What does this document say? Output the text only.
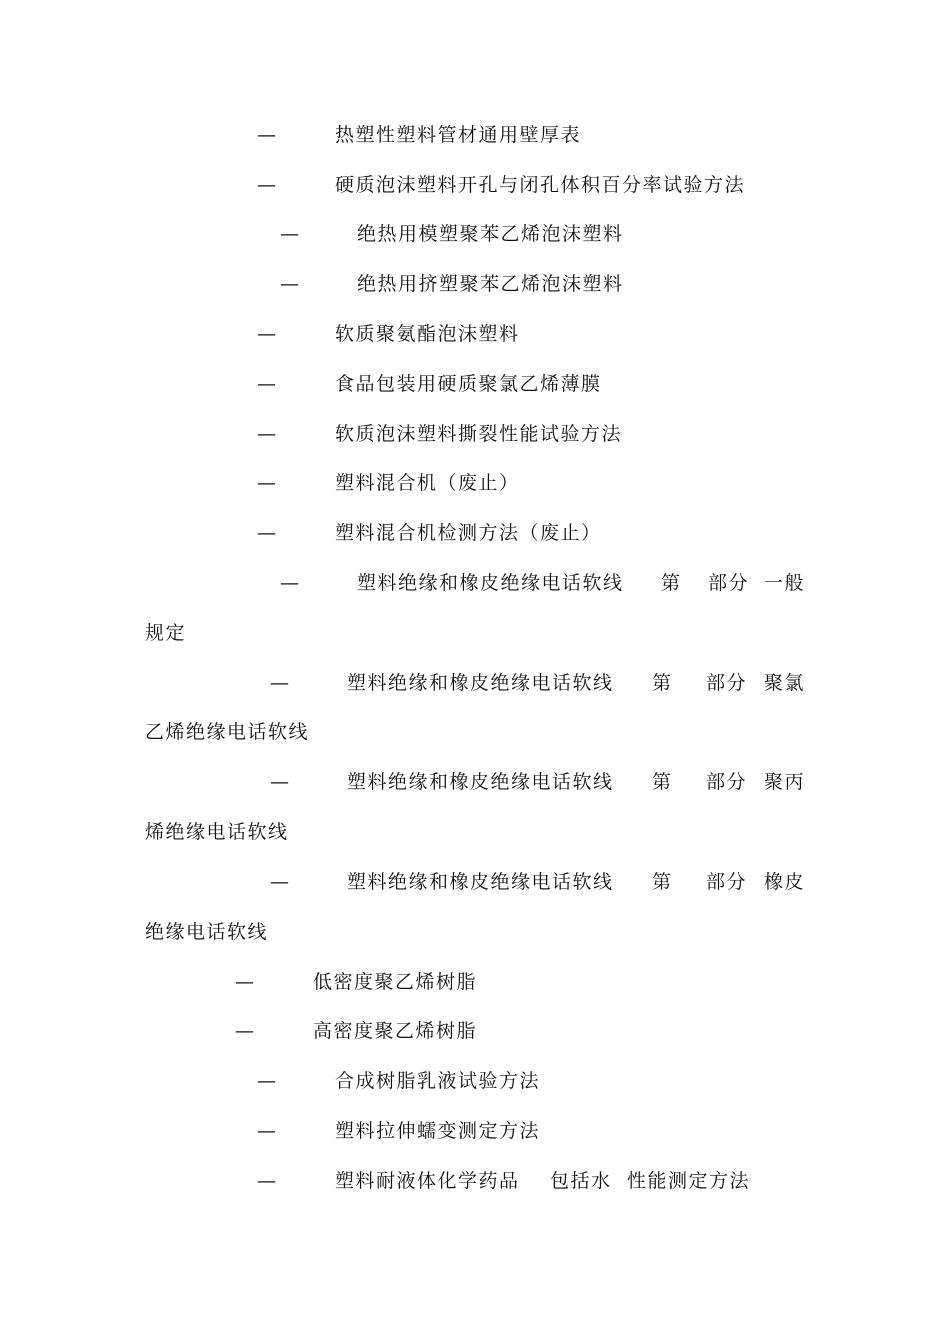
—	热塑性塑料管材通用壁厚表
—	硬质泡沫塑料开孔与闭孔体积百分率试验方法
—	绝热用模塑聚苯乙烯泡沫塑料
—	绝热用挤塑聚苯乙烯泡沫塑料
—	软质聚氨酯泡沫塑料
—	食品包装用硬质聚氯乙烯薄膜
—	软质泡沫塑料撕裂性能试验方法
—	塑料混合机（废止）
—	塑料混合机检测方法（废止）
—	塑料绝缘和橡皮绝缘电话软线 第 部分 一般
规定
—	塑料绝缘和橡皮绝缘电话软线 第 部分 聚氯
乙烯绝缘电话软线
—	塑料绝缘和橡皮绝缘电话软线 第 部分 聚丙
烯绝缘电话软线
—	塑料绝缘和橡皮绝缘电话软线 第 部分 橡皮
绝缘电话软线
—	低密度聚乙烯树脂
—	高密度聚乙烯树脂
—	合成树脂乳液试验方法
—	塑料拉伸蠕变测定方法
—	塑料耐液体化学药品 包括水 性能测定方法
